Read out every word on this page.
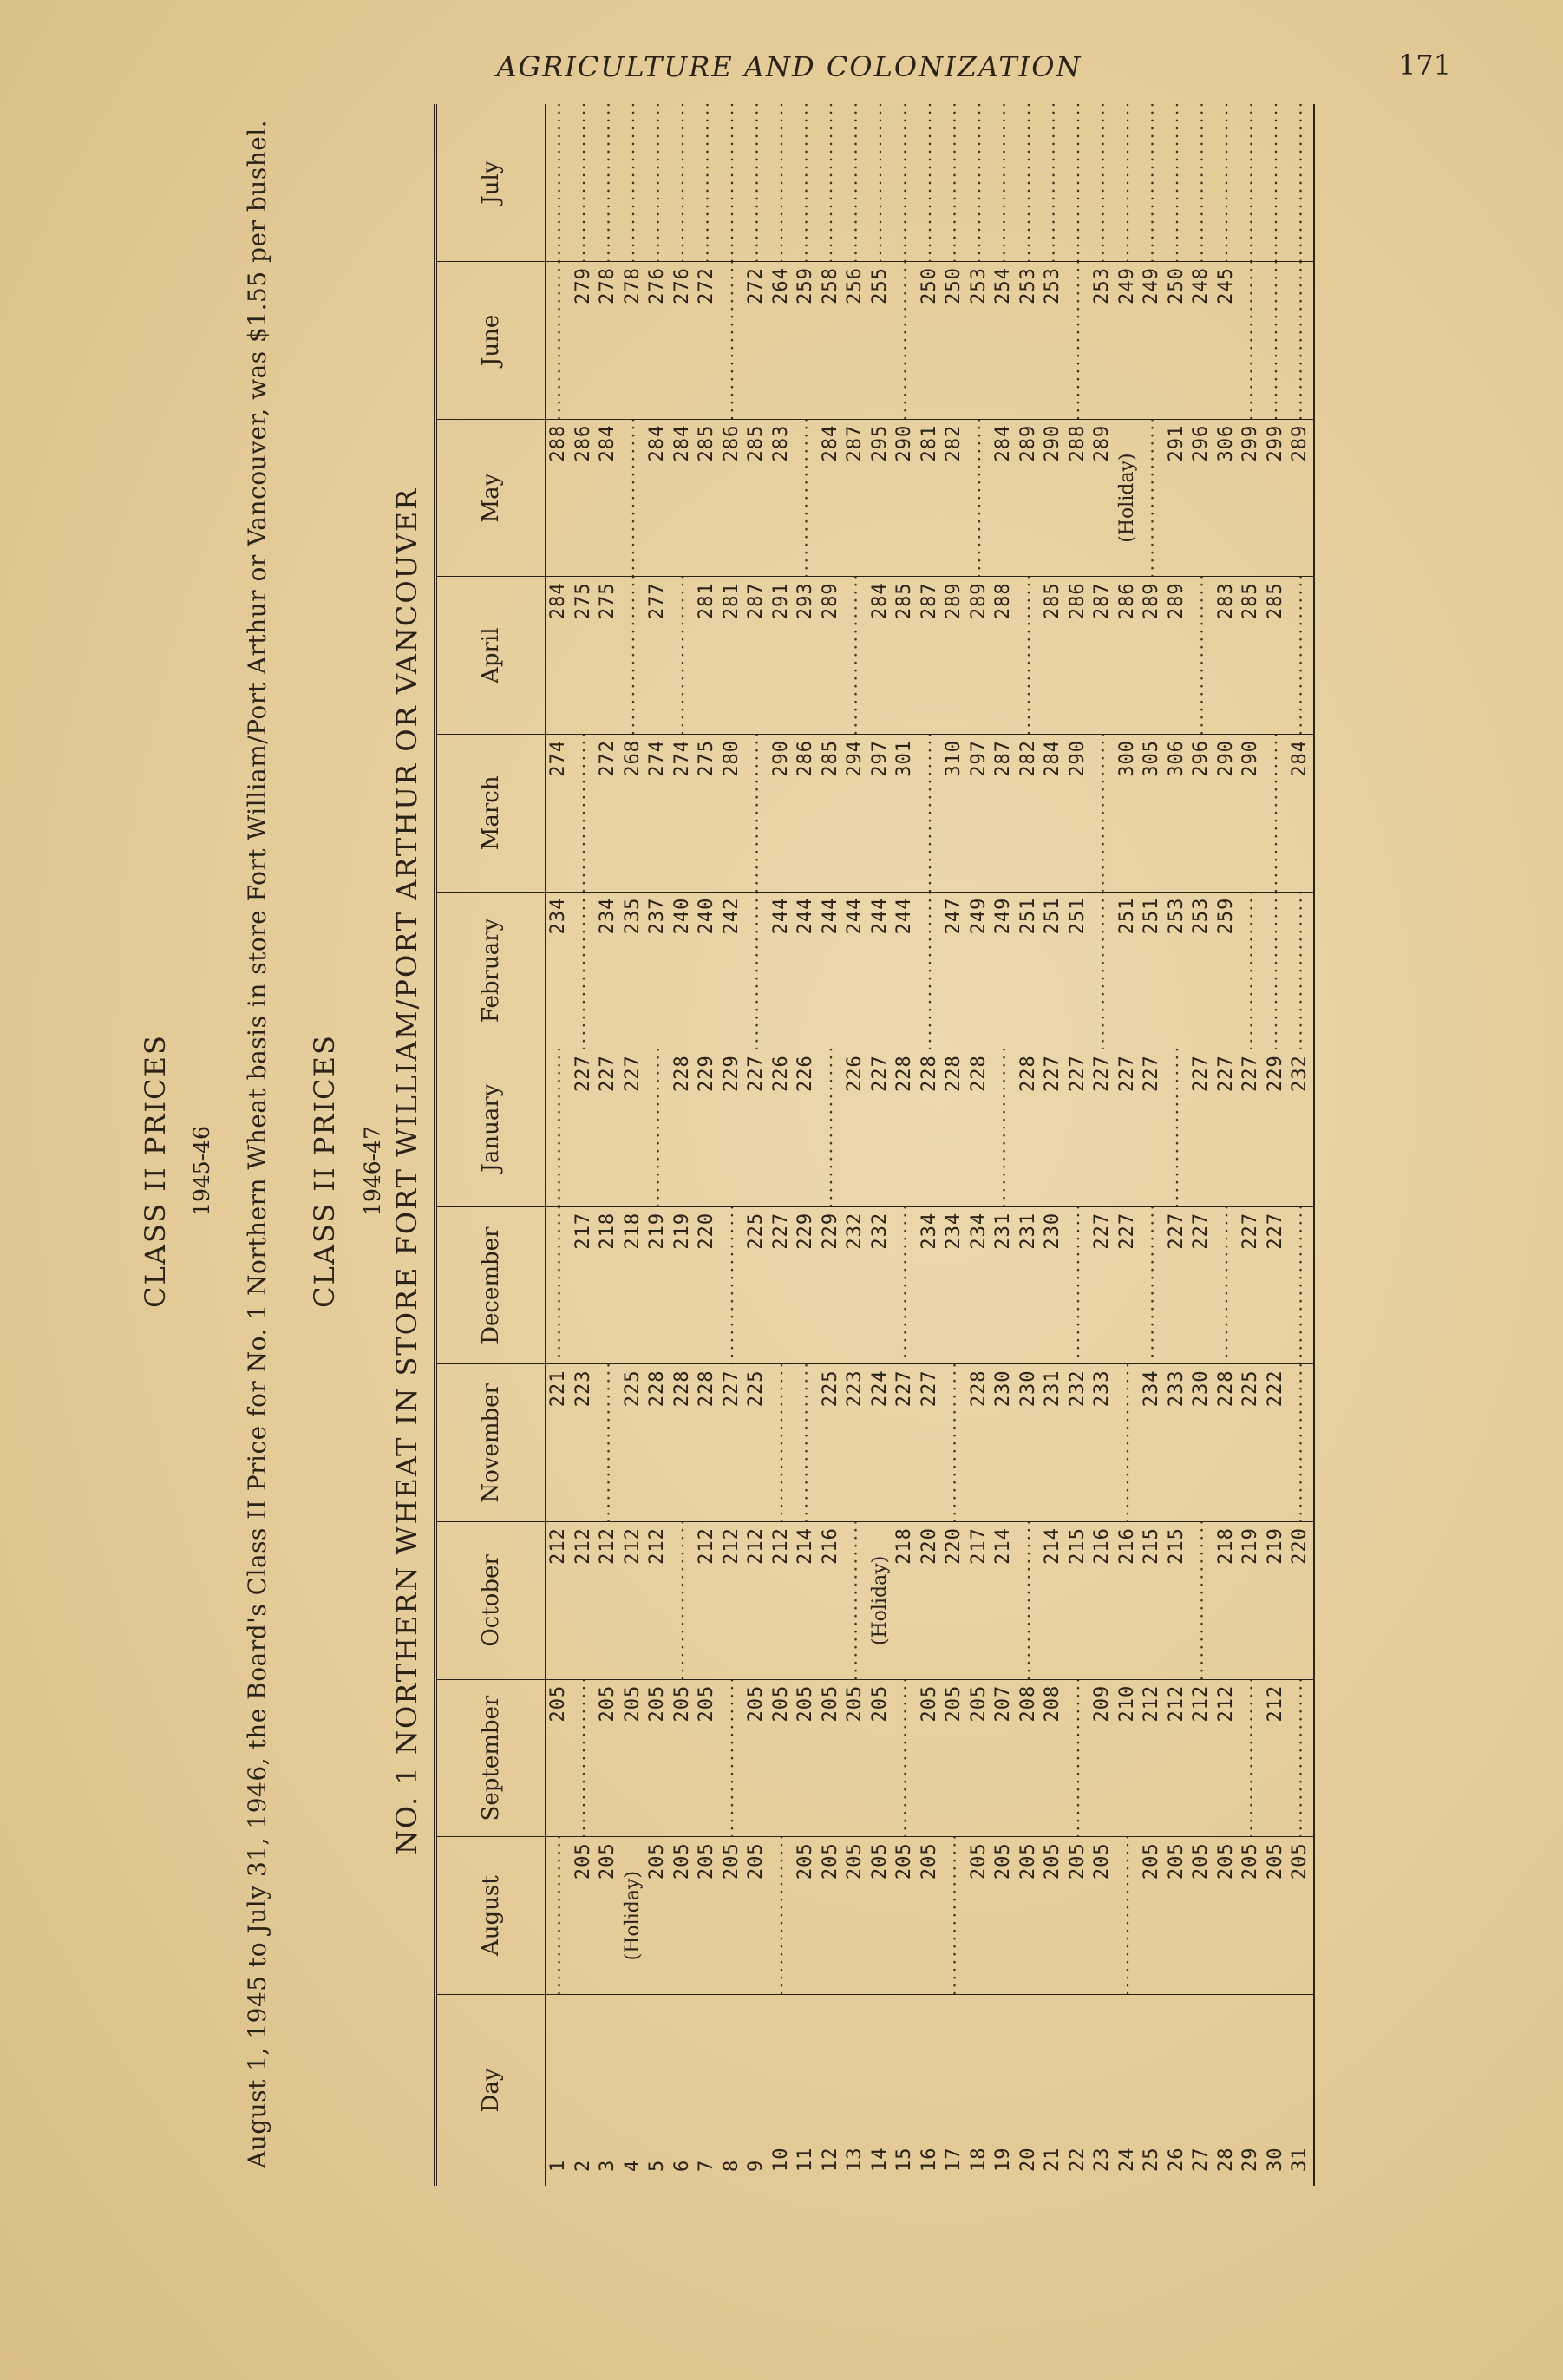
AGRICULTURE AND COLONIZATION	171
CLASS II PRICES 1945-46 August 1, 1945 to July 31, 1946, the Board's Class II Price for No. 1 Northern Wheat basis in store Fort William/Port Arthur or Vancouver, was $1.55 per bushel. CLASS II PRICES 1946-47 NO. 1 NORTHERN WHEAT IN STORE FORT WILLIAM/PORT ARTHUR OR VANCOUVER
Day	August	September	October	November	December	January	February	March	April	May	June	July
1		205	212	221			234	274	284	288		
2	205		212	223	217	227			275	286	279	
3	205	205	212		218	227	234	272	275	284	278	
4	(Holiday)	205	212	225	218	227	235	268			278	
5	205	205	212	228	219		237	274	277	284	276	
6	205	205		228	219	228	240	274		284	276	
7	205	205	212	228	220	229	240	275	281	285	272	
8	205		212	227		229	242	280	281	286		
9	205	205	212	225	225	227			287	285	272	
10		205	212		227	226	244	290	291	283	264	
11	205	205	214		229	226	244	286	293		259	
12	205	205	216	225	229		244	285	289	284	258	
13	205	205		223	232	226	244	294		287	256	
14	205	205	(Holiday)	224	232	227	244	297	284	295	255	
15	205		218	227		228	244	301	285	290		
16	205	205	220	227	234	228			287	281	250	
17		205	220		234	228	247	310	289	282	250	
18	205	205	217	228	234	228	249	297	289		253	
19	205	207	214	230	231		249	287	288	284	254	
20	205	208		230	231	228	251	282		289	253	
21	205	208	214	231	230	227	251	284	285	290	253	
22	205		215	232		227	251	290	286	288		
23	205	209	216	233	227	227			287	289	253	
24		210	216		227	227	251	300	286	(Holiday)	249	
25	205	212	215	234		227	251	305	289		249	
26	205	212	215	233	227		253	306	289	291	250	
27	205	212		230	227	227	253	296		296	248	
28	205	212	218	228		227	259	290	283	306	245	
29	205		219	225	227	227		290	285	299		
30	205	212	219	222	227	229			285	299		
31	205		220			232		284		289		
